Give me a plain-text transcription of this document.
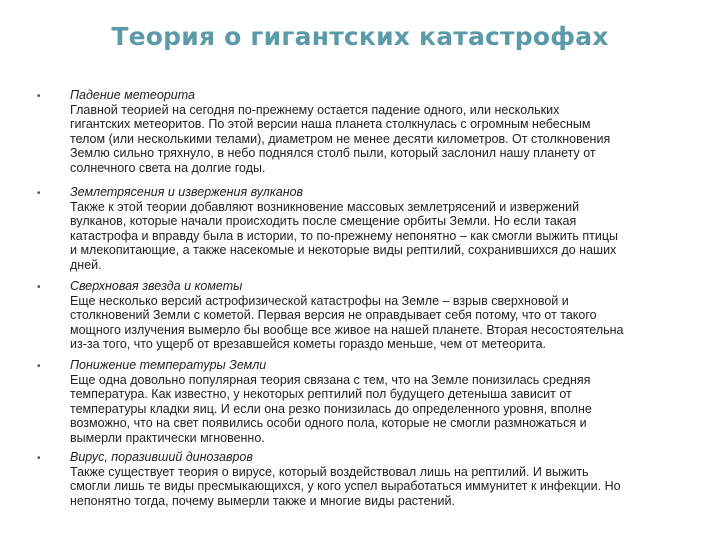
Теория о гигантских катастрофах
• Падение метеорита
Главной теорией на сегодня по-прежнему остается падение одного, или нескольких
гигантских метеоритов. По этой версии наша планета столкнулась с огромным небесным
телом (или несколькими телами), диаметром не менее десяти километров. От столкновения
Землю сильно тряхнуло, в небо поднялся столб пыли, который заслонил нашу планету от
солнечного света на долгие годы.
• Землетрясения и извержения вулканов
Также к этой теории добавляют возникновение массовых землетрясений и извержений
вулканов, которые начали происходить после смещение орбиты Земли. Но если такая
катастрофа и вправду была в истории, то по-прежнему непонятно – как смогли выжить птицы
и млекопитающие, а также насекомые и некоторые виды рептилий, сохранившихся до наших
дней.
• Сверхновая звезда и кометы
Еще несколько версий астрофизической катастрофы на Земле – взрыв сверхновой и
столкновений Земли с кометой. Первая версия не оправдывает себя потому, что от такого
мощного излучения вымерло бы вообще все живое на нашей планете. Вторая несостоятельна
из-за того, что ущерб от врезавшейся кометы гораздо меньше, чем от метеорита.
• Понижение температуры Земли
Еще одна довольно популярная теория связана с тем, что на Земле понизилась средняя
температура. Как известно, у некоторых рептилий пол будущего детеныша зависит от
температуры кладки яиц. И если она резко понизилась до определенного уровня, вполне
возможно, что на свет появились особи одного пола, которые не смогли размножаться и
вымерли практически мгновенно.
• Вирус, поразивший динозавров
Также существует теория о вирусе, который воздействовал лишь на рептилий. И выжить
смогли лишь те виды пресмыкающихся, у кого успел выработаться иммунитет к инфекции. Но
непонятно тогда, почему вымерли также и многие виды растений.
